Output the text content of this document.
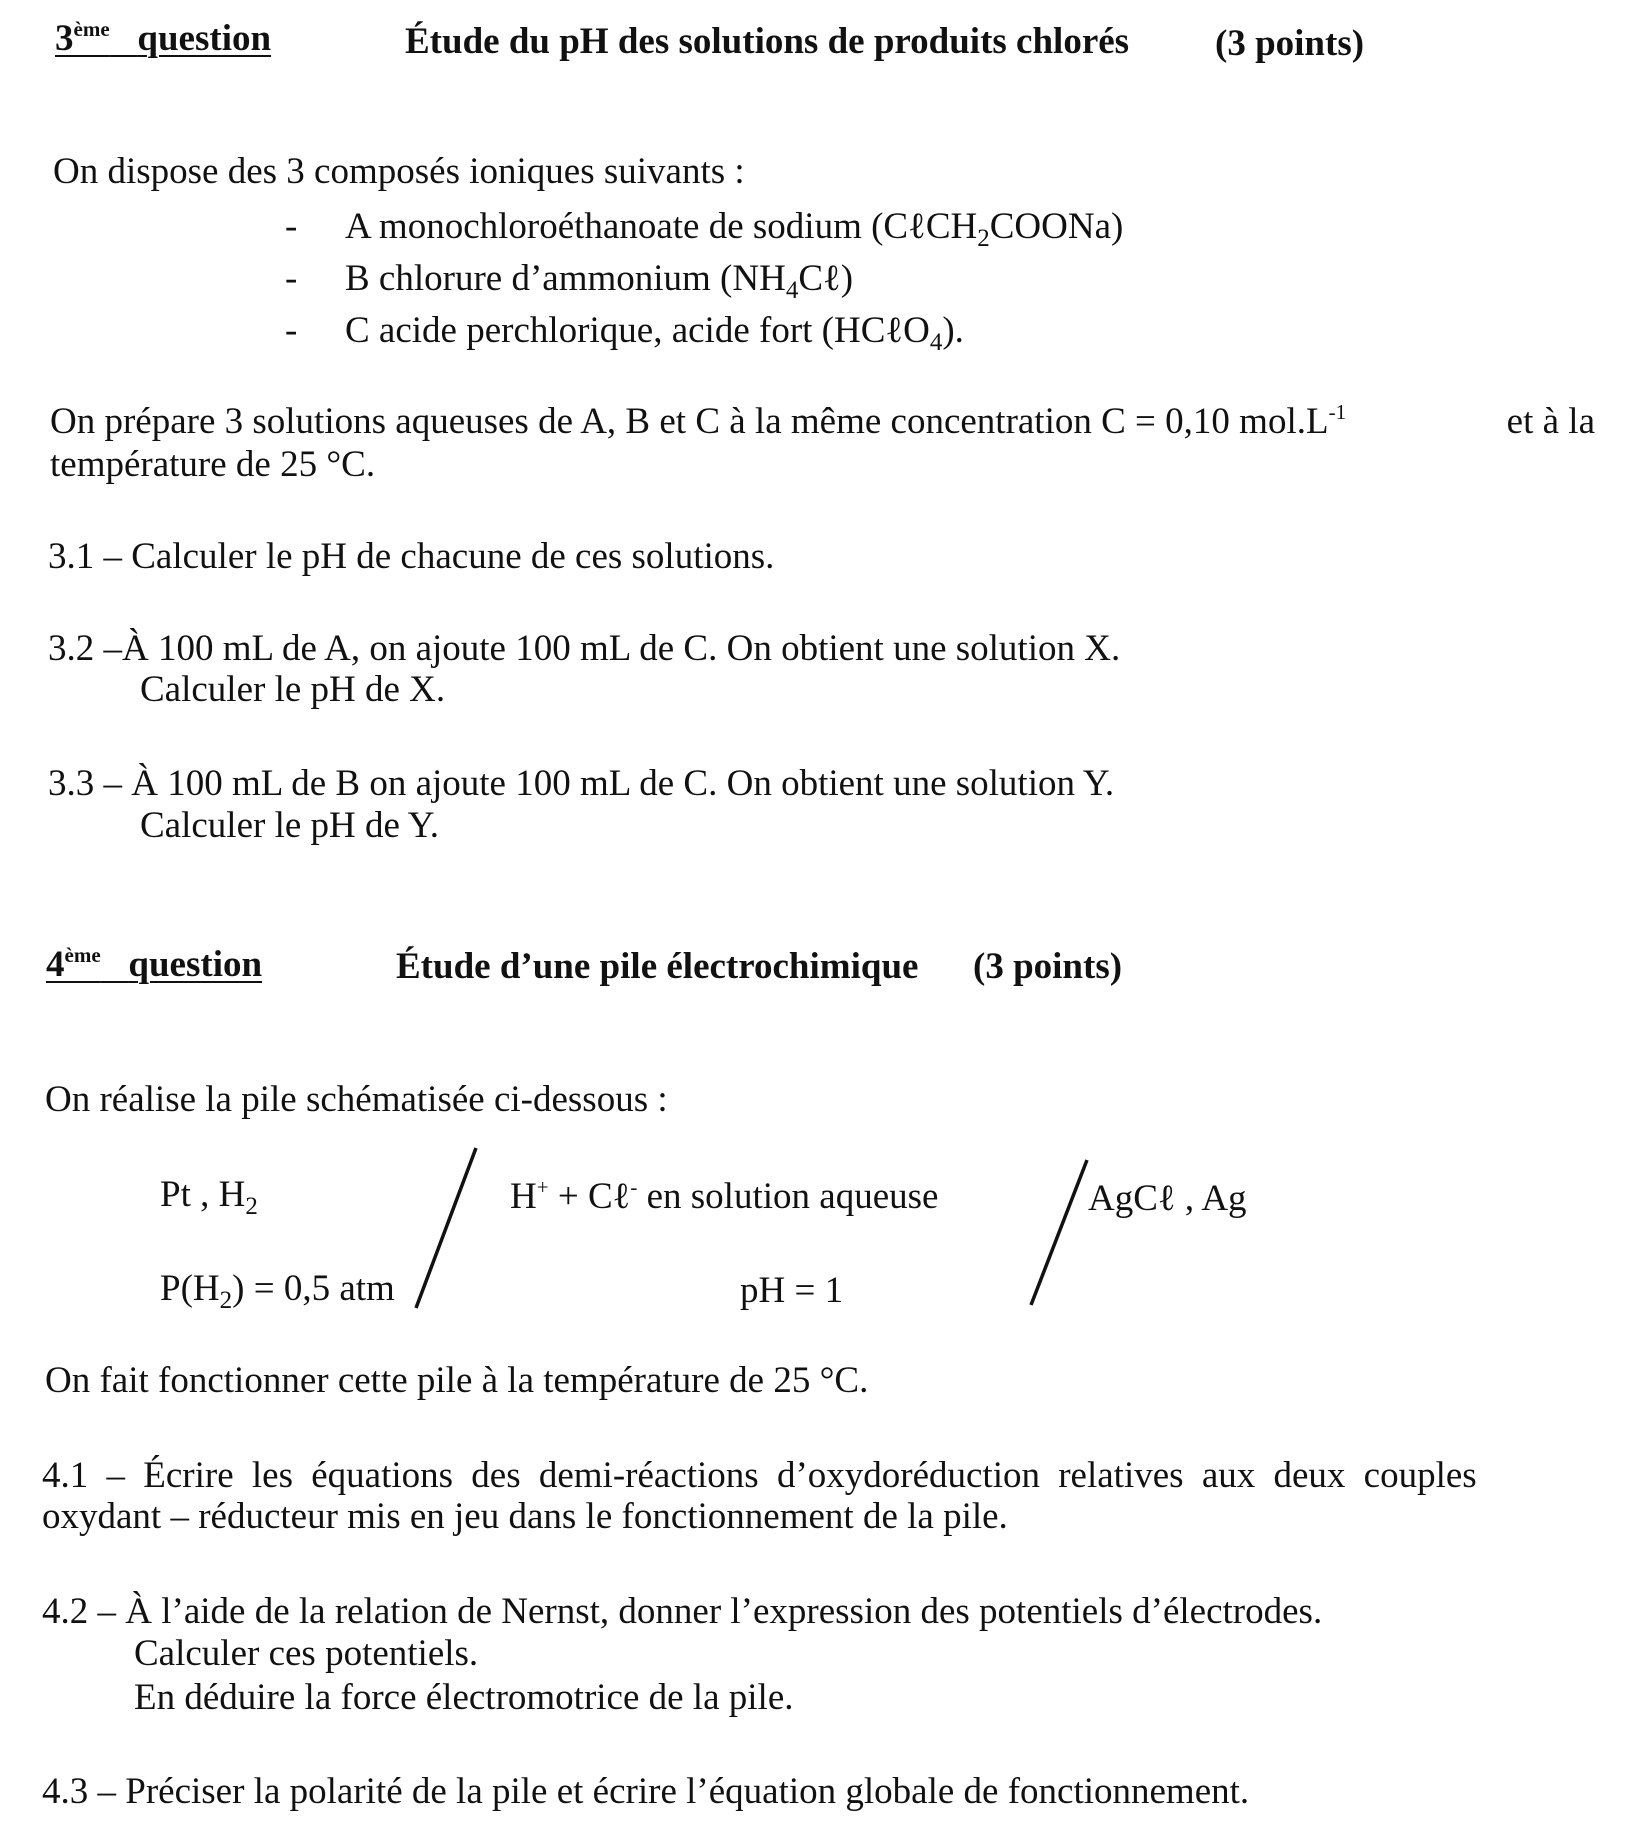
3ème question	Étude du pH des solutions de produits chlorés (3 points)
On dispose des 3 composés ioniques suivants :
- A monochloroéthanoate de sodium (CℓCH$_2$COONa)
- B chlorure d’ammonium $(NH_4C\ell)$
- C acide perchlorique, acide fort (HCℓO$_4$).
On prépare 3 solutions aqueuses de A, B et C à la même concentration C = 0,10 $mol.L^{-1}$	et à la
température de 25 °C.
3.1 – Calculer le pH de chacune de ces solutions.
3.2 –À 100 mL de A, on ajoute 100 mL de C. On obtient une solution X.
Calculer le pH de X.
3.3 – À 100 mL de B on ajoute 100 mL de C. On obtient une solution Y.
Calculer le pH de Y.
4ème question	Étude d’une pile électrochimique (3 points)
On réalise la pile schématisée ci-dessous :
Pt , $H_2$
$P(H_2) = 0,5$ atm
H+ + Cℓ- en solution aqueuse
pH = 1
AgCℓ , Ag
On fait fonctionner cette pile à la température de 25 °C.
4.1 – Écrire les équations des demi-réactions d’oxydoréduction relatives aux deux couples
oxydant – réducteur mis en jeu dans le fonctionnement de la pile.
4.2 – À l’aide de la relation de Nernst, donner l’expression des potentiels d’électrodes.
Calculer ces potentiels.
En déduire la force électromotrice de la pile.
4.3 – Préciser la polarité de la pile et écrire l’équation globale de fonctionnement.
